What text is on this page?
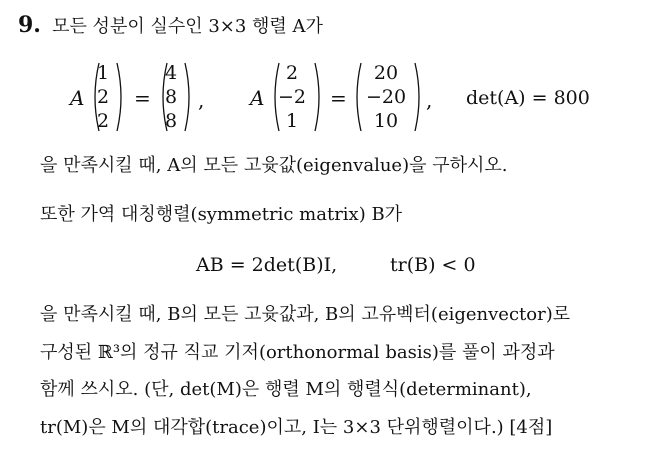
9. 모든 성분이 실수인 3×3 행렬 A가
A
1
2
2
=
4
8
8
, A
2
−2
1
=
20
−20
10
, det(A) = 800
을 만족시킬 때, A의 모든 고윳값(eigenvalue)을 구하시오.
또한 가역 대칭행렬(symmetric matrix) B가
AB = 2det(B)I,	tr(B) < 0
을 만족시킬 때, B의 모든 고윳값과, B의 고유벡터(eigenvector)로
구성된 ℝ³의 정규 직교 기저(orthonormal basis)를 풀이 과정과
함께 쓰시오. (단, det(M)은 행렬 M의 행렬식(determinant),
tr(M)은 M의 대각합(trace)이고, I는 3×3 단위행렬이다.) [4점]
